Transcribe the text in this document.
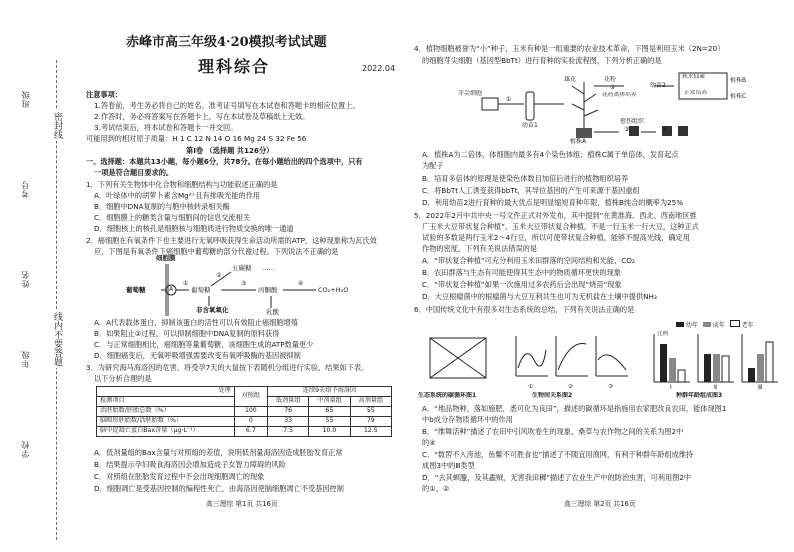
密封线
线内不要答题
学校
年级
姓名
考号
班级
赤峰市高三年级4·20模拟考试试题
理科综合	2022.04
注意事项：
1.答卷前，考生务必将自己的姓名、准考证号填写在本试卷和答题卡的相应位置上。
2.作答时，务必将答案写在答题卡上，写在本试卷及草稿纸上无效。
3.考试结束后，将本试卷和答题卡一并交回。
可能用到的相对原子质量：H 1 C 12 N 14 O 16 Mg 24 S 32 Fe 56
第Ⅰ卷 （选择题 共126分）
一、选择题：本题共13小题，每小题6分，共78分。在每小题给出的四个选项中，只有
一项是符合题目要求的。
1．下列有关生物体中化合物和细胞结构与功能叙述正确的是
A．叶绿体中的胡萝卜素含Mg²⁺且有排吸光能的作用
B．细胞中DNA复制的与胞中核转录相关酶
C．细胞膜上的糖类含量与细胞间的信息交流相关
D．细胞核上的核孔是细胞核与细胞质进行物质交换的唯一通道
2．癌细胞在有氧条件下也主要进行无氧呼吸获得生命活动所需的ATP，这种现象称为瓦氏效
应，下图是有氧条件下癌细胞中葡萄糖的部分代谢过程。下列说法不正确的是
细胞膜
葡萄糖	A	葡萄糖
五碳糖 ……
丙酮酸	CO₂+H₂O
乳酸
非含氧氧化
①
②
③	④
A．A代表载体蛋白，抑制该蛋白的活性可以有效阻止癌细胞增殖
B．如果阻止②过程，可以抑制细胞中DNA复制的原料获得
C．与正常细胞相比，癌细胞等量葡萄糖，该细胞生成的ATP数量更少
D．细胞癌变后，无氧呼吸增强需要改变有氧呼吸酶的基因被抑制
3．为研究海马海洛因的危害，将受孕7天的大鼠按下表随机分组进行实验，结果如下表。
以下分析合理的是
处理	对照组	连续9天给予海洛因		
检测项目		低剂量组	中剂量组	高剂量组
活胚胎数/胚胎总数（%）	100	76	65	55
脑畸形胚胎数/活胚胎数（%）	0	33	55	79
脑中促凋亡蛋白Bax含量（μg·L⁻¹）	6.7	7.5	10.0	12.5
A．低剂量组的Bax含量与对照组的差值，说明低剂量海洛因造成胚胎发育正常
B．结果提示孕妇吸食海洛因会增加造成子女智力障碍的风险
C．对照组在胚胎发育过程中不会出现细胞凋亡的现象
D．细胞凋亡是受基因控制的编程性死亡，由海洛因使脑细胞凋亡不受基因控制
高三理综 第1页 共16页
4．植物细胞被誉为“小”种子，玉米有种是一组重要的农业技术革命，下图是利用玉米（2N=20）
的细胞芽尖细胞（基因型BbTt）进行育种的实验流程图，下列分析正确的是
芽尖细胞
幼苗1
雄花	花粉
花药离体培养
幼苗2
秋水仙素
正常培养
植株B
植株C
植株A
愈伤组织
①
②
③	④
A．植株A为二倍体，体细胞内最多有4个染色体组；植株C属于单倍体，发育起点
为配子
B．培育多倍体的原理是使染色体数目加倍后进行的植物组织培养
C．将BbTt人工诱变获得bbTt，其导位基因的产生可来源于基因重组
D．利用幼苗2进行育种的最大优点是明显缩短育种年限，植株B纯合的概率为25%
5．2022年2月中共中央一号文件正式对外发布，其中提到“在黄淮海、西北、西南地区推
广玉米大豆带状复合种植”。玉米大豆带状复合种植，不是一行玉米一行大豆，这种正式
试验的多数是两行玉米2～4行豆，所以可使带状复合种植，能够不提高光线，确定用
作物的密度，下列有关说法错误的是
A．“带状复合种植”可充分利用玉米田群落的空间结构和光能、CO₂
B．农田群落与生态有可能使得其生态中的物质循环更快的现象
C．“带状复合种植”如果一次施用过多农药后会出现“烧苗”现象
D．大豆根瘤菌中的根瘤菌与大豆互利共生也可为无机盐在土壤中提供NH₃
6．中国传统文化中有很多对生态系统的总结，下列有关说法正确的是
幼年 成年	老年
①	②	③
比例
Ⅰ	Ⅱ	Ⅲ
生态系统的碳循环图1	生物间关系图2	种群年龄组成图3
A．“地品物种，落如施肥，悉可化为良田”，描述的碳循环是指施用农家肥改良农田，能体现图1
中b成分存物质循环中的作用
B．“维舞活种”描述了农田中引风吹卷生的现象，桑草与农作物之间的关系为图2中
的④
C．“数罟不入洿池，鱼鳖不可胜食也”描述了不随宜用渔网，有利于种群年龄组成维持
成图3中的Ⅲ类型
D．“去其螟螣，及其蟊贼，无害我田穉”描述了农业生产中的防治虫害，可利用图2中
的①、②
高三理综 第2页 共16页
